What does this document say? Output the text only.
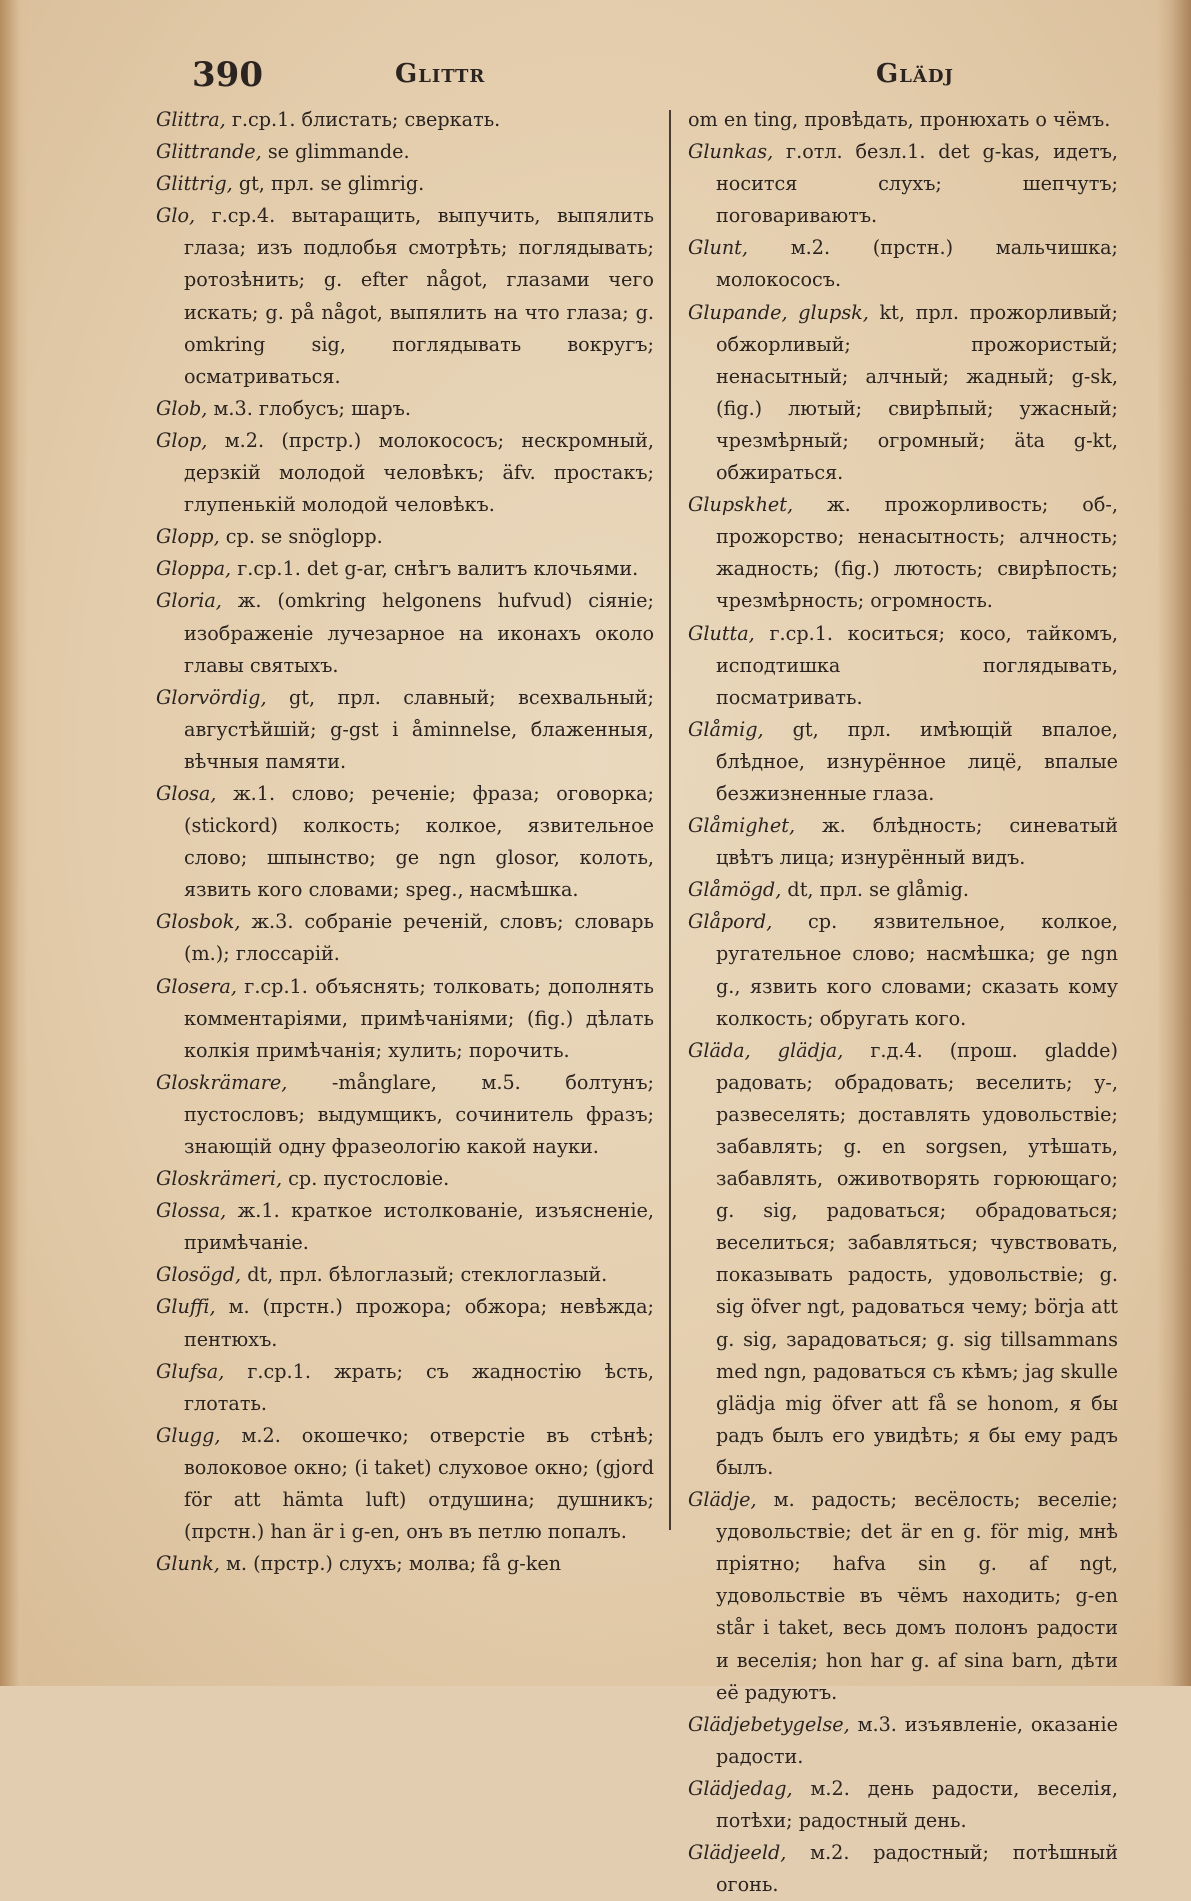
390	Glittr	Glädj

Glittra, г.ср.1. блистать; сверкать.

Glittrande, se glimmande.

Glittrig, gt, прл. se glimrig.

Glo, г.ср.4. вытаращить, выпучить, выпялить глаза; изъ подлобья смотрѣть; поглядывать; ротозѣнить; g. efter något, глазами чего искать; g. på något, выпялить на что глаза; g. omkring sig, поглядывать вокругъ; осматриваться.

Glob, м.3. глобусъ; шаръ.

Glop, м.2. (прстр.) молокососъ; нескромный, дерзкій молодой человѣкъ; äfv. простакъ; глупенькій молодой человѣкъ.

Glopp, ср. se snöglopp.

Gloppa, г.ср.1. det g-ar, снѣгъ валитъ клочьями.

Gloria, ж. (omkring helgonens hufvud) сіяніе; изображеніе лучезарное на иконахъ около главы святыхъ.

Glorvördig, gt, прл. славный; всехвальный; августѣйшій; g-gst i åminnelse, блаженныя, вѣчныя памяти.

Glosa, ж.1. слово; реченіе; фраза; оговорка; (stickord) колкость; колкое, язвительное слово; шпынство; ge ngn glosor, колоть, язвить кого словами; speg., насмѣшка.

Glosbok, ж.3. собраніе реченій, словъ; словарь (m.); глоссарій.

Glosera, г.ср.1. объяснять; толковать; дополнять комментаріями, примѣчаніями; (fig.) дѣлать колкія примѣчанія; хулить; порочить.

Gloskrämare, -månglare, м.5. болтунъ; пустословъ; выдумщикъ, сочинитель фразъ; знающій одну фразеологію какой науки.

Gloskrämeri, ср. пустословіе.

Glossa, ж.1. краткое истолкованіе, изъясненіе, примѣчаніе.

Glosögd, dt, прл. бѣлоглазый; стеклоглазый.

Gluffi, м. (прстн.) прожора; обжора; невѣжда; пентюхъ.

Glufsa, г.ср.1. жрать; съ жадностію ѣсть, глотать.

Glugg, м.2. окошечко; отверстіе въ стѣнѣ; волоковое окно; (i taket) слуховое окно; (gjord för att hämta luft) отдушина; душникъ; (прстн.) han är i g-en, онъ въ петлю попалъ.

Glunk, м. (прстр.) слухъ; молва; få g-ken

om en ting, провѣдать, пронюхать о чёмъ.

Glunkas, г.отл. безл.1. det g-kas, идетъ, носится слухъ; шепчутъ; поговариваютъ.

Glunt, м.2. (прстн.) мальчишка; молокососъ.

Glupande, glupsk, kt, прл. прожорливый; обжорливый; прожористый; ненасытный; алчный; жадный; g-sk, (fig.) лютый; свирѣпый; ужасный; чрезмѣрный; огромный; äta g-kt, обжираться.

Glupskhet, ж. прожорливость; об-, прожорство; ненасытность; алчность; жадность; (fig.) лютость; свирѣпость; чрезмѣрность; огромность.

Glutta, г.ср.1. коситься; косо, тайкомъ, исподтишка поглядывать, посматривать.

Glåmig, gt, прл. имѣющій впалое, блѣдное, изнурённое лицё, впалые безжизненные глаза.

Glåmighet, ж. блѣдность; синеватый цвѣтъ лица; изнурённый видъ.

Glåmögd, dt, прл. se glåmig.

Glåpord, ср. язвительное, колкое, ругательное слово; насмѣшка; ge ngn g., язвить кого словами; сказать кому колкость; обругать кого.

Gläda, glädja, г.д.4. (прош. gladde) радовать; обрадовать; веселить; у-, развеселять; доставлять удовольствіе; забавлять; g. en sorgsen, утѣшать, забавлять, оживотворять горюющаго; g. sig, радоваться; обрадоваться; веселиться; забавляться; чувствовать, показывать радость, удовольствіе; g. sig öfver ngt, радоваться чему; börja att g. sig, зарадоваться; g. sig tillsammans med ngn, радоваться съ кѣмъ; jag skulle glädja mig öfver att få se honom, я бы радъ былъ его увидѣть; я бы ему радъ былъ.

Glädje, м. радость; весёлость; веселіе; удовольствіе; det är en g. för mig, мнѣ пріятно; hafva sin g. af ngt, удовольствіе въ чёмъ находить; g-en står i taket, весь домъ полонъ радости и веселія; hon har g. af sina barn, дѣти её радуютъ.

Glädjebetygelse, м.3. изъявленіе, оказаніе радости.

Glädjedag, м.2. день радости, веселія, потѣхи; радостный день.

Glädjeeld, м.2. радостный; потѣшный огонь.
